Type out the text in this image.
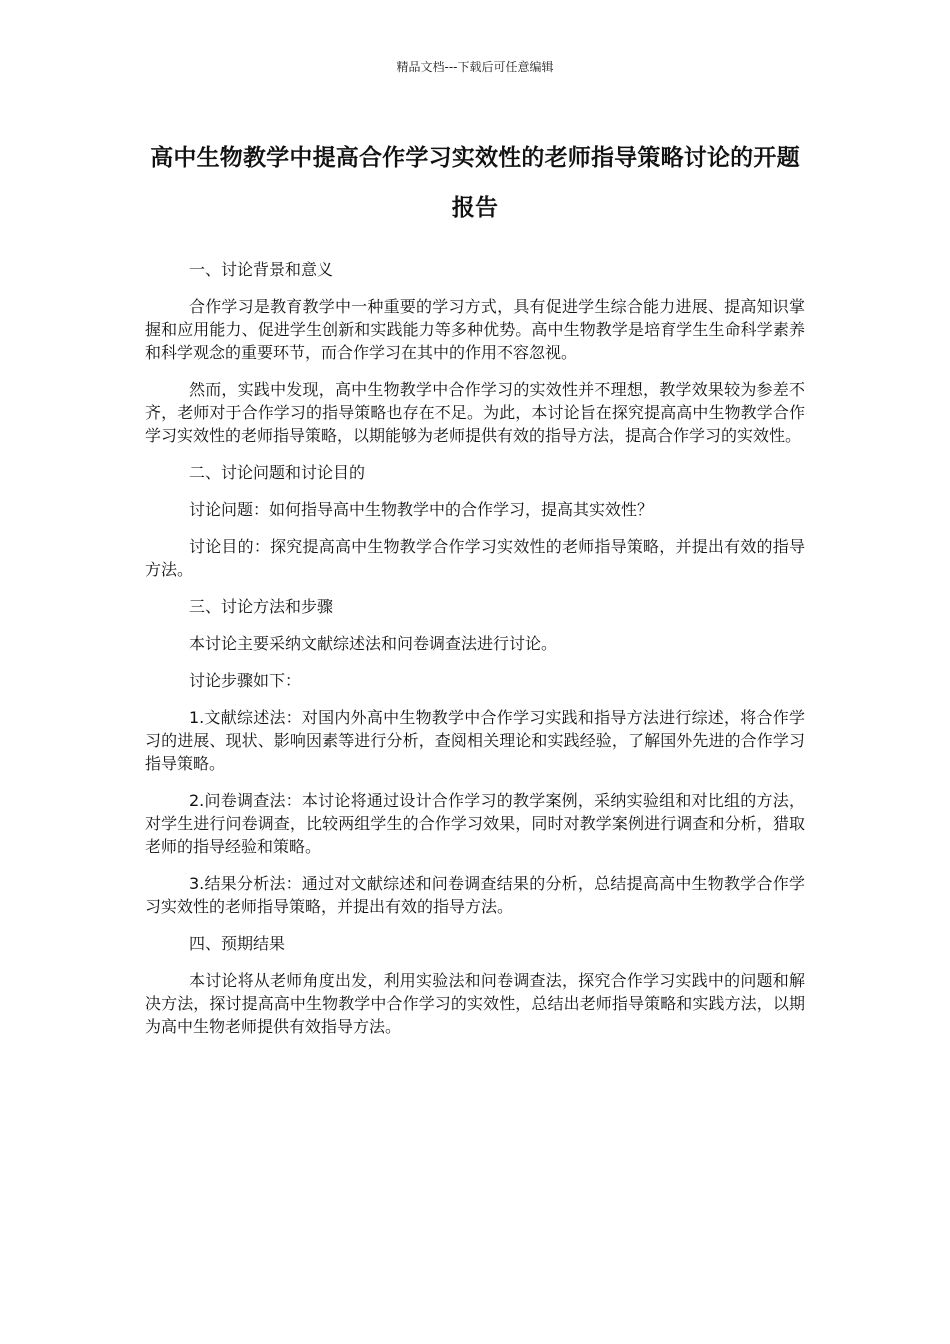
精品文档---下载后可任意编辑
高中生物教学中提高合作学习实效性的老师指导策略讨论的开题报告

一、讨论背景和意义

合作学习是教育教学中一种重要的学习方式，具有促进学生综合能力进展、提高知识掌握和应用能力、促进学生创新和实践能力等多种优势。高中生物教学是培育学生生命科学素养和科学观念的重要环节，而合作学习在其中的作用不容忽视。

然而，实践中发现，高中生物教学中合作学习的实效性并不理想，教学效果较为参差不齐，老师对于合作学习的指导策略也存在不足。为此，本讨论旨在探究提高高中生物教学合作学习实效性的老师指导策略，以期能够为老师提供有效的指导方法，提高合作学习的实效性。

二、讨论问题和讨论目的

讨论问题：如何指导高中生物教学中的合作学习，提高其实效性？

讨论目的：探究提高高中生物教学合作学习实效性的老师指导策略，并提出有效的指导方法。

三、讨论方法和步骤

本讨论主要采纳文献综述法和问卷调查法进行讨论。

讨论步骤如下：

1.文献综述法：对国内外高中生物教学中合作学习实践和指导方法进行综述，将合作学习的进展、现状、影响因素等进行分析，查阅相关理论和实践经验，了解国外先进的合作学习指导策略。

2.问卷调查法：本讨论将通过设计合作学习的教学案例，采纳实验组和对比组的方法，对学生进行问卷调查，比较两组学生的合作学习效果，同时对教学案例进行调查和分析，猎取老师的指导经验和策略。

3.结果分析法：通过对文献综述和问卷调查结果的分析，总结提高高中生物教学合作学习实效性的老师指导策略，并提出有效的指导方法。

四、预期结果

本讨论将从老师角度出发，利用实验法和问卷调查法，探究合作学习实践中的问题和解决方法，探讨提高高中生物教学中合作学习的实效性，总结出老师指导策略和实践方法，以期为高中生物老师提供有效指导方法。
